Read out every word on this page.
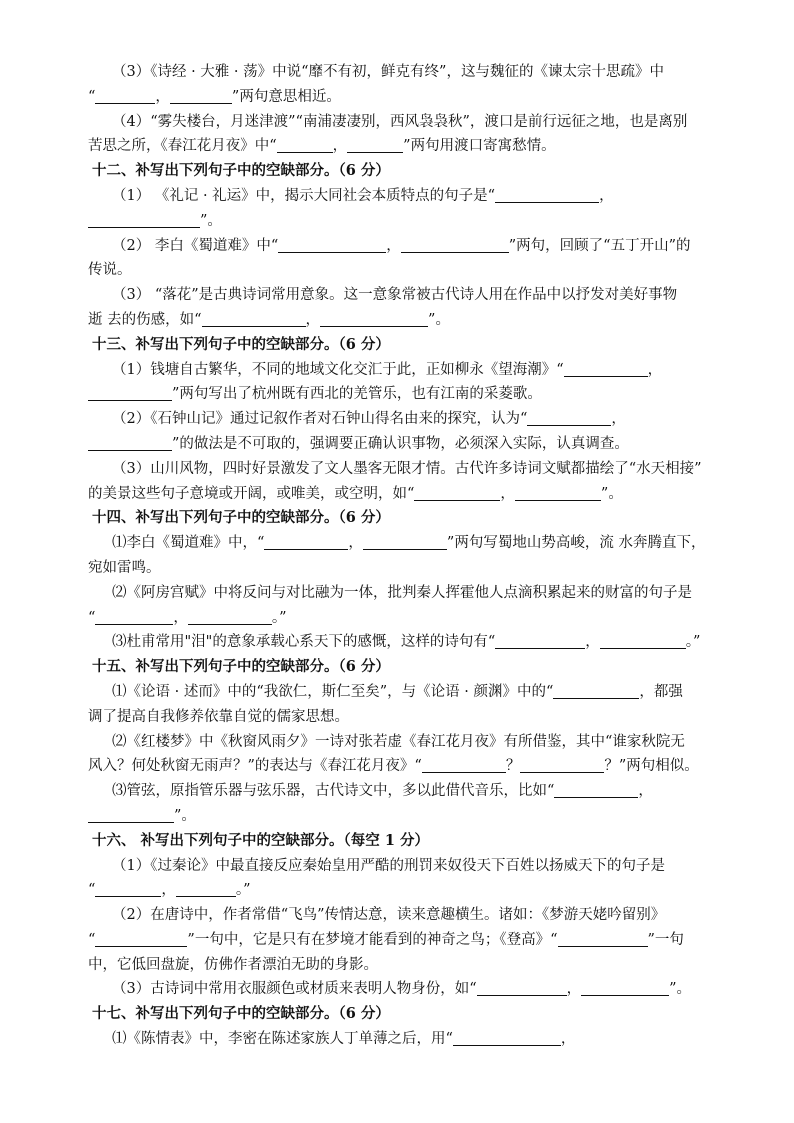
（3）《诗经 · 大雅 · 荡》中说“靡不有初，鲜克有终”，这与魏征的《谏太宗十思疏》中
“	，	”两句意思相近。
（4）“雾失楼台，月迷津渡”“南浦凄凄别，西风袅袅秋”，渡口是前行远征之地，也是离别
苦思之所，《春江花月夜》中“	，	”两句用渡口寄寓愁情。
十二、补写出下列句子中的空缺部分。（6 分）
（1） 《礼记 · 礼运》中，揭示大同社会本质特点的句子是“	，
”。
（2） 李白《蜀道难》中“	，	”两句，回顾了“五丁开山”的
传说。
（3） “落花”是古典诗词常用意象。这一意象常被古代诗人用在作品中以抒发对美好事物
逝 去的伤感，如“	，	”。
十三、补写出下列句子中的空缺部分。（6 分）
（1）钱塘自古繁华，不同的地域文化交汇于此，正如柳永《望海潮》“	，
”两句写出了杭州既有西北的羌管乐，也有江南的采菱歌。
（2）《石钟山记》通过记叙作者对石钟山得名由来的探究，认为“	，
”的做法是不可取的，强调要正确认识事物，必须深入实际，认真调查。
（3）山川风物，四时好景激发了文人墨客无限才情。古代许多诗词文赋都描绘了“水天相接”
的美景这些句子意境或开阔，或唯美，或空明，如“	，	”。
十四、补写出下列句子中的空缺部分。（6 分）
⑴李白《蜀道难》中，“	，	”两句写蜀地山势高峻，流 水奔腾直下，
宛如雷鸣。
⑵《阿房宫赋》中将反问与对比融为一体，批判秦人挥霍他人点滴积累起来的财富的句子是
“	，	。”
⑶杜甫常用"泪"的意象承载心系天下的感慨，这样的诗句有“	，	。”
十五、补写出下列句子中的空缺部分。（6 分）
⑴《论语 · 述而》中的“我欲仁，斯仁至矣”，与《论语 · 颜渊》中的“	，都强
调了提高自我修养依靠自觉的儒家思想。
⑵《红楼梦》中《秋窗风雨夕》一诗对张若虚《春江花月夜》有所借鉴，其中“谁家秋院无
风入？何处秋窗无雨声？”的表达与《春江花月夜》“	？	？”两句相似。
⑶管弦，原指管乐器与弦乐器，古代诗文中，多以此借代音乐，比如“	，
”。
十六、 补写出下列句子中的空缺部分。（每空 1 分）
（1）《过秦论》中最直接反应秦始皇用严酷的刑罚来奴役天下百姓以扬威天下的句子是
“	，	。”
（2）在唐诗中，作者常借“飞鸟”传情达意，读来意趣横生。诸如：《梦游天姥吟留别》
“	”一句中，它是只有在梦境才能看到的神奇之鸟；《登高》“	”一句
中，它低回盘旋，仿佛作者漂泊无助的身影。
（3）古诗词中常用衣服颜色或材质来表明人物身份，如“	，	”。
十七、补写出下列句子中的空缺部分。（6 分）
⑴《陈情表》中，李密在陈述家族人丁单薄之后，用“	，
